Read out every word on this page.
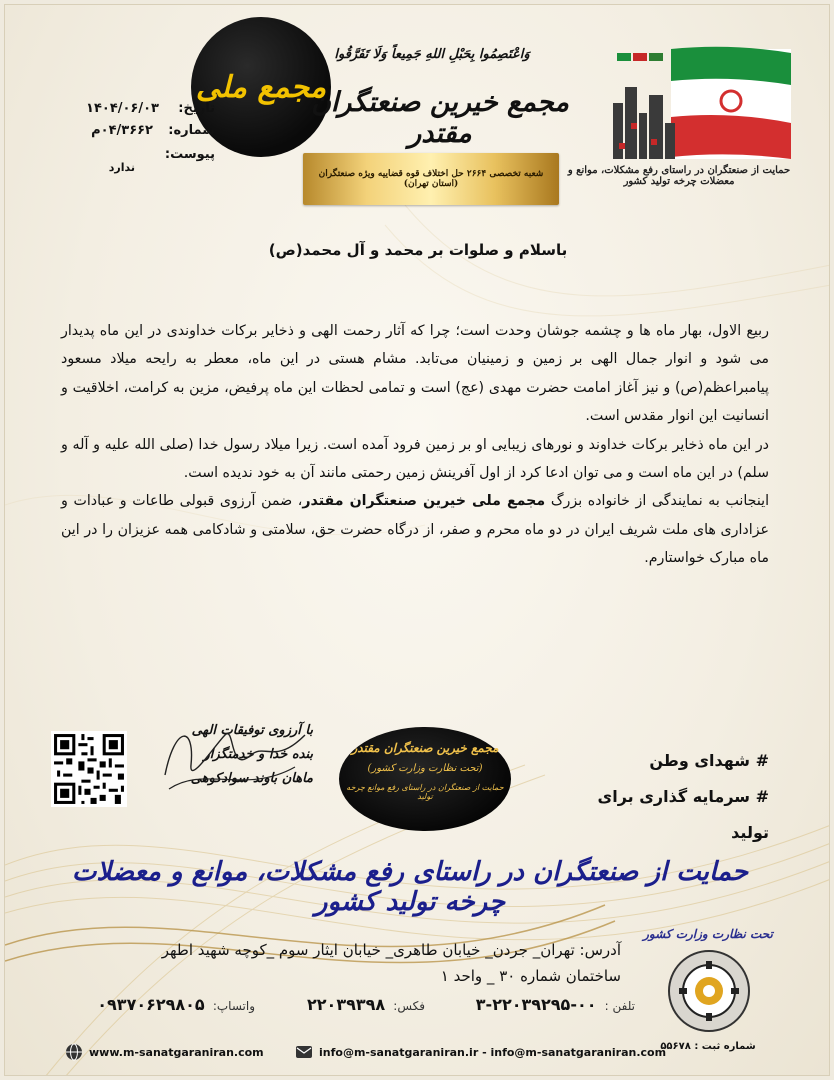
حمایت از صنعتگران در راستای رفع مشکلات، موانع و معضلات چرخه تولید کشور
مجمع ملی
وَاعْتَصِمُوا بِحَبْلِ اللهِ جَمِيعاً وَلَا تَفَرَّقُوا
مجمع خیرین صنعتگران مقتدر
شعبه تخصصی ۲۶۶۴ حل اختلاف قوه قضاییه ویژه صنعتگران (استان تهران)
تاریخ:
۱۴۰۴/۰۶/۰۳
شماره:
۰۴/۳۶۶۲م
پیوست:
ندارد
باسلام و صلوات بر محمد و آل محمد(ص)

ربیع الاول، بهار ماه ها و چشمه جوشان وحدت است؛ چرا که آثار رحمت الهی و ذخایر برکات خداوندی در این ماه پدیدار می شود و انوار جمال الهی بر زمین و زمینیان می‌تابد. مشام هستی در این ماه، معطر به رایحه میلاد مسعود پیامبراعظم(ص) و نیز آغاز امامت حضرت مهدی (عج) است و تمامی لحظات این ماه پرفیض، مزین به کرامت، اخلاقیت و انسانیت این انوار مقدس است.

در این ماه ذخایر برکات خداوند و نورهای زیبایی او بر زمین فرود آمده است. زیرا میلاد رسول خدا (صلی الله علیه و آله و سلم) در این ماه است و می توان ادعا کرد از اول آفرینش زمین رحمتی مانند آن به خود ندیده است.

اینجانب به نمایندگی از خانواده بزرگ مجمع ملی خیرین صنعتگران مقتدر، ضمن آرزوی قبولی طاعات و عبادات و عزاداری های ملت شریف ایران در دو ماه محرم و صفر، از درگاه حضرت حق، سلامتی و شادکامی همه عزیزان را در این ماه مبارک خواستارم.

# شهدای وطن
# سرمایه گذاری برای تولید
مجمع خیرین صنعتگران مقتدر
(تحت نظارت وزارت کشور)
حمایت از صنعتگران در راستای رفع موانع چرخه تولید
با آرزوی توفیقات الهی
بنده خدا و خدمتگزار
ماهان باوند سوادکوهی
حمایت از صنعتگران در راستای رفع مشکلات، موانع و معضلات چرخه تولید کشور
تحت نظارت وزارت کشور
شماره ثبت : ۵۵۶۷۸
آدرس: تهران_ جردن_ خیابان طاهری_ خیابان ایثار سوم _کوچه شهید اطهر
ساختمان شماره ۳۰ _ واحد ۱
تلفن : ۰۰-۲۲۰۳۹۲۹۵-۳
فکس: ۲۲۰۳۹۳۹۸
واتساپ: ۰۹۳۷۰۶۲۹۸۰۵
www.m-sanatgaraniran.com	info@m-sanatgaraniran.ir - info@m-sanatgaraniran.com
